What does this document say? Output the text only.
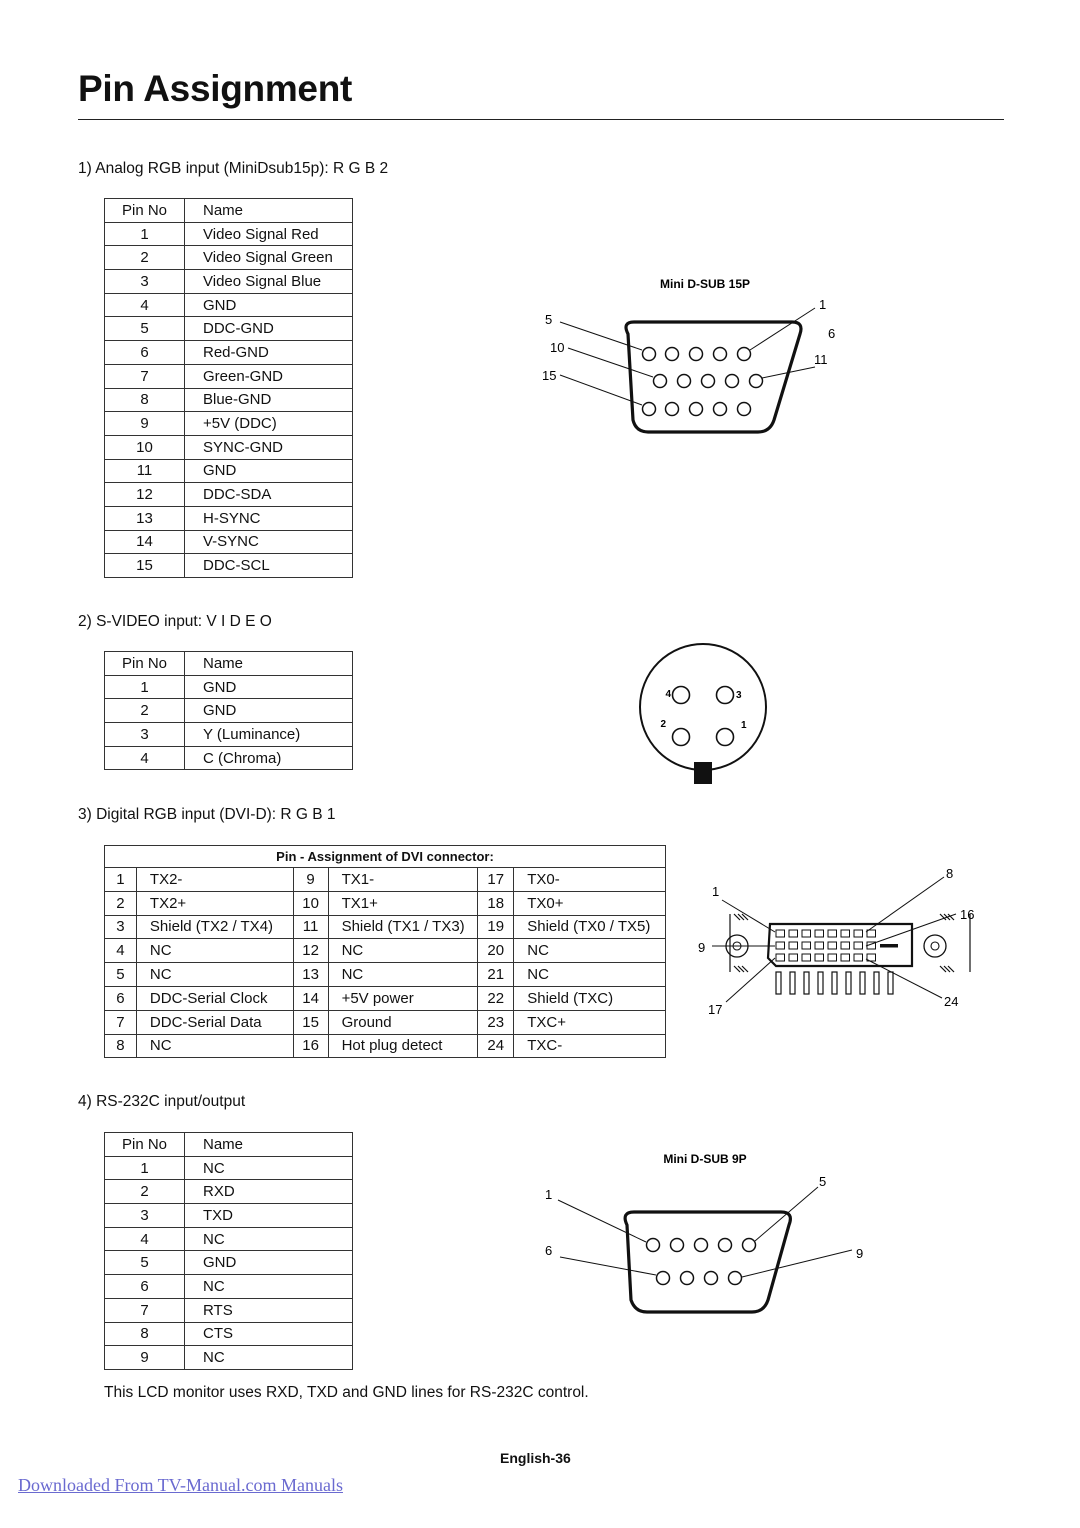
Pin Assignment
1) Analog RGB input (MiniDsub15p): R G B 2
Pin No	Name
1	Video Signal Red
2	Video Signal Green
3	Video Signal Blue
4	GND
5	DDC-GND
6	Red-GND
7	Green-GND
8	Blue-GND
9	+5V (DDC)
10	SYNC-GND
11	GND
12	DDC-SDA
13	H-SYNC
14	V-SYNC
15	DDC-SCL
Mini D-SUB 15P
5
10
15
1
6
11
2) S-VIDEO input: V I D E O
Pin No	Name
1	GND
2	GND
3	Y (Luminance)
4	C (Chroma)
4	3
2	1
3) Digital RGB input (DVI-D): R G B 1
Pin - Assignment of DVI connector:					
1	TX2-	9	TX1-	17	TX0-
2	TX2+	10	TX1+	18	TX0+
3	Shield (TX2 / TX4)	11	Shield (TX1 / TX3)	19	Shield (TX0 / TX5)
4	NC	12	NC	20	NC
5	NC	13	NC	21	NC
6	DDC-Serial Clock	14	+5V power	22	Shield (TXC)
7	DDC-Serial Data	15	Ground	23	TXC+
8	NC	16	Hot plug detect	24	TXC-
1
8
9
16
17
24
4) RS-232C input/output
Pin No	Name
1	NC
2	RXD
3	TXD
4	NC
5	GND
6	NC
7	RTS
8	CTS
9	NC
Mini D-SUB 9P
1
6
5
9
This LCD monitor uses RXD, TXD and GND lines for RS-232C control.
English-36
Downloaded From TV-Manual.com Manuals
